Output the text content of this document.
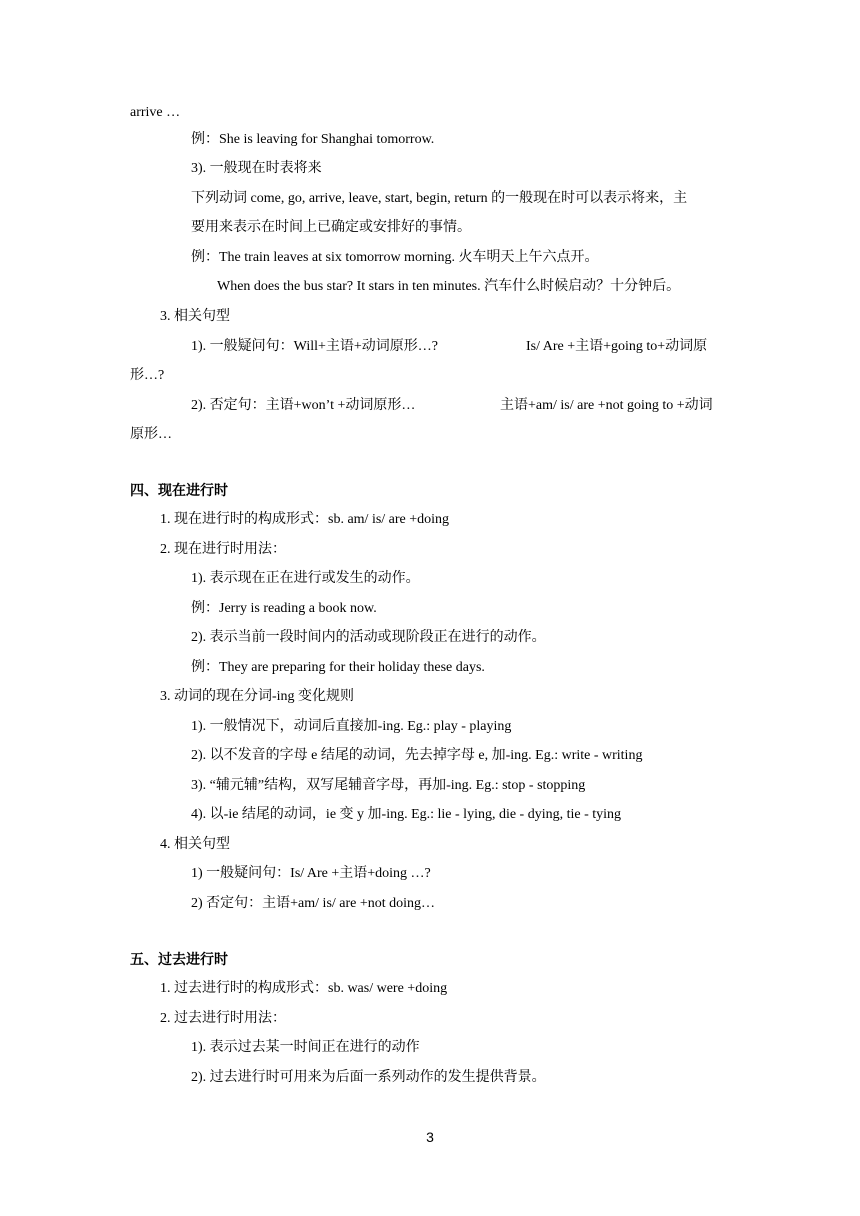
arrive …
例：She is leaving for Shanghai tomorrow.
3). 一般现在时表将来
下列动词 come, go, arrive, leave, start, begin, return 的一般现在时可以表示将来，主
要用来表示在时间上已确定或安排好的事情。
例：The train leaves at six tomorrow morning. 火车明天上午六点开。
When does the bus star? It stars in ten minutes. 汽车什么时候启动？十分钟后。
3. 相关句型
1). 一般疑问句：Will+主语+动词原形…?	Is/ Are +主语+going to+动词原
形…?
2). 否定句：主语+won’t +动词原形…	主语+am/ is/ are +not going to +动词
原形…
四、现在进行时
1. 现在进行时的构成形式：sb. am/ is/ are +doing
2. 现在进行时用法：
1). 表示现在正在进行或发生的动作。
例：Jerry is reading a book now.
2). 表示当前一段时间内的活动或现阶段正在进行的动作。
例：They are preparing for their holiday these days.
3. 动词的现在分词-ing 变化规则
1). 一般情况下，动词后直接加-ing. Eg.: play - playing
2). 以不发音的字母 e 结尾的动词，先去掉字母 e, 加-ing. Eg.: write - writing
3). “辅元辅”结构，双写尾辅音字母，再加-ing. Eg.: stop - stopping
4). 以-ie 结尾的动词，ie 变 y 加-ing. Eg.: lie - lying, die - dying, tie - tying
4. 相关句型
1) 一般疑问句：Is/ Are +主语+doing …?
2) 否定句：主语+am/ is/ are +not doing…
五、过去进行时
1. 过去进行时的构成形式：sb. was/ were +doing
2. 过去进行时用法：
1). 表示过去某一时间正在进行的动作
2). 过去进行时可用来为后面一系列动作的发生提供背景。
3
